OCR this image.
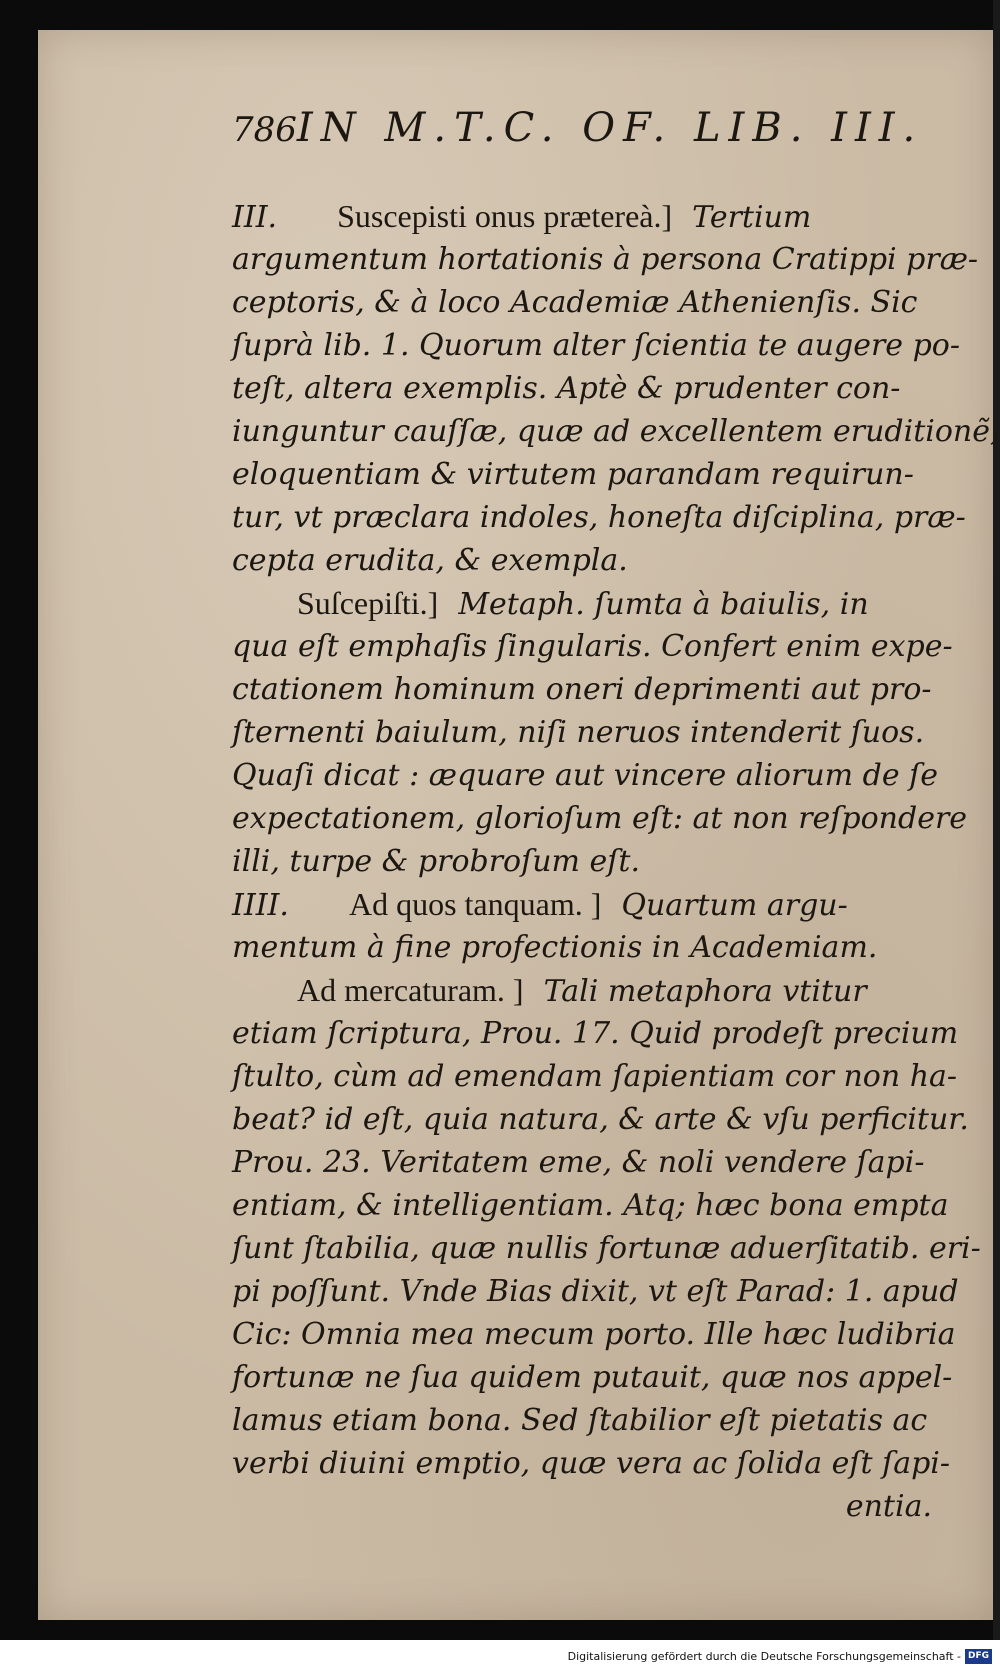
786 IN M.T.C. OF. LIB. III.
III. Suscepisti onus prætereà.] Tertium
argumentum hortationis à persona Cratippi præ-
ceptoris, & à loco Academiæ Athenienſis. Sic
ſuprà lib. 1. Quorum alter ſcientia te augere po-
teſt, altera exemplis. Aptè & prudenter con-
iunguntur cauſſæ, quæ ad excellentem eruditionẽ,
eloquentiam & virtutem parandam requirun-
tur, vt præclara indoles, honeſta diſciplina, præ-
cepta erudita, & exempla.
Suſcepiſti.] Metaph. ſumta à baiulis, in
qua eſt emphaſis ſingularis. Confert enim expe-
ctationem hominum oneri deprimenti aut pro-
ſternenti baiulum, niſi neruos intenderit ſuos.
Quaſi dicat : æquare aut vincere aliorum de ſe
expectationem, glorioſum eſt: at non reſpondere
illi, turpe & probroſum eſt.
IIII. Ad quos tanquam. ] Quartum argu-
mentum à fine profectionis in Academiam.
Ad mercaturam. ] Tali metaphora vtitur
etiam ſcriptura, Prou. 17. Quid prodeſt precium
ſtulto, cùm ad emendam ſapientiam cor non ha-
beat? id eſt, quia natura, & arte & vſu perficitur.
Prou. 23. Veritatem eme, & noli vendere ſapi-
entiam, & intelligentiam. Atq; hæc bona empta
ſunt ſtabilia, quæ nullis fortunæ aduerſitatib. eri-
pi poſſunt. Vnde Bias dixit, vt eſt Parad: 1. apud
Cic: Omnia mea mecum porto. Ille hæc ludibria
fortunæ ne ſua quidem putauit, quæ nos appel-
lamus etiam bona. Sed ſtabilior eſt pietatis ac
verbi diuini emptio, quæ vera ac ſolida eſt ſapi-
entia.
Digitalisierung gefördert durch die Deutsche Forschungsgemeinschaft - DFG
